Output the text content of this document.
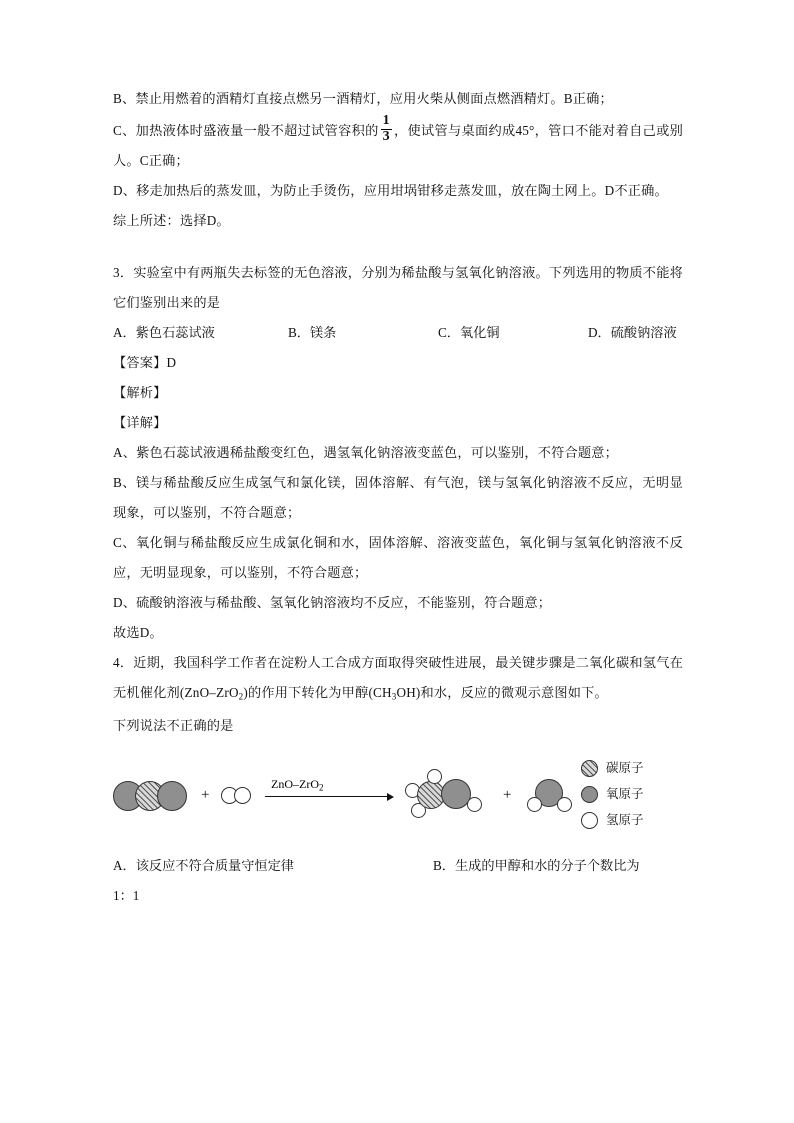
B、禁止用燃着的酒精灯直接点燃另一酒精灯，应用火柴从侧面点燃酒精灯。B正确；

C、加热液体时盛液量一般不超过试管容积的 $\frac{1}{3}$ ，使试管与桌面约成45°，管口不能对着自己或别人。C正确；

D、移走加热后的蒸发皿，为防止手烫伤，应用坩埚钳移走蒸发皿，放在陶土网上。D不正确。

综上所述：选择D。

3．实验室中有两瓶失去标签的无色溶液，分别为稀盐酸与氢氧化钠溶液。下列选用的物质不能将它们鉴别出来的是

A．紫色石蕊试液	B．镁条	C．氧化铜	D．硫酸钠溶液

【答案】D

【解析】

【详解】

A、紫色石蕊试液遇稀盐酸变红色，遇氢氧化钠溶液变蓝色，可以鉴别，不符合题意；

B、镁与稀盐酸反应生成氢气和氯化镁，固体溶解、有气泡，镁与氢氧化钠溶液不反应，无明显现象，可以鉴别，不符合题意；

C、氧化铜与稀盐酸反应生成氯化铜和水，固体溶解、溶液变蓝色，氧化铜与氢氧化钠溶液不反应，无明显现象，可以鉴别，不符合题意；

D、硫酸钠溶液与稀盐酸、氢氧化钠溶液均不反应，不能鉴别，符合题意；

故选D。

4．近期，我国科学工作者在淀粉人工合成方面取得突破性进展，最关键步骤是二氧化碳和氢气在无机催化剂(ZnO‒ZrO$_2$)的作用下转化为甲醇$(CH_3OH)$和水，反应的微观示意图如下。

下列说法不正确的是

+
ZnO–ZrO$_2$	+
碳原子
氧原子
氢原子
A．该反应不符合质量守恒定律	B．生成的甲醇和水的分子个数比为
1：1
